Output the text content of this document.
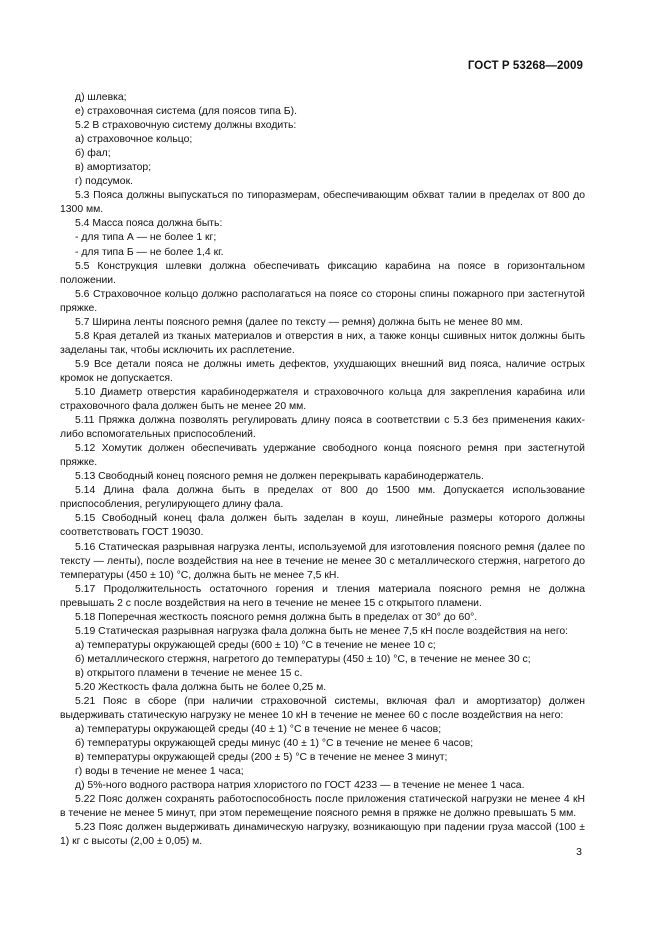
ГОСТ Р 53268—2009

д) шлевка;

е) страховочная система (для поясов типа Б).

5.2 В страховочную систему должны входить:

а) страховочное кольцо;

б) фал;

в) амортизатор;

г) подсумок.

5.3 Пояса должны выпускаться по типоразмерам, обеспечивающим обхват талии в пределах от 800 до 1300 мм.

5.4 Масса пояса должна быть:

- для типа А — не более 1 кг;

- для типа Б — не более 1,4 кг.

5.5 Конструкция шлевки должна обеспечивать фиксацию карабина на поясе в горизонтальном положении.

5.6 Страховочное кольцо должно располагаться на поясе со стороны спины пожарного при застегнутой пряжке.

5.7 Ширина ленты поясного ремня (далее по тексту — ремня) должна быть не менее 80 мм.

5.8 Края деталей из тканых материалов и отверстия в них, а также концы сшивных ниток должны быть заделаны так, чтобы исключить их расплетение.

5.9 Все детали пояса не должны иметь дефектов, ухудшающих внешний вид пояса, наличие острых кромок не допускается.

5.10 Диаметр отверстия карабинодержателя и страховочного кольца для закрепления карабина или страховочного фала должен быть не менее 20 мм.

5.11 Пряжка должна позволять регулировать длину пояса в соответствии с 5.3 без применения каких-либо вспомогательных приспособлений.

5.12 Хомутик должен обеспечивать удержание свободного конца поясного ремня при застегнутой пряжке.

5.13 Свободный конец поясного ремня не должен перекрывать карабинодержатель.

5.14 Длина фала должна быть в пределах от 800 до 1500 мм. Допускается использование приспособления, регулирующего длину фала.

5.15 Свободный конец фала должен быть заделан в коуш, линейные размеры которого должны соответствовать ГОСТ 19030.

5.16 Статическая разрывная нагрузка ленты, используемой для изготовления поясного ремня (далее по тексту — ленты), после воздействия на нее в течение не менее 30 с металлического стержня, нагретого до температуры (450 ± 10) °С, должна быть не менее 7,5 кН.

5.17 Продолжительность остаточного горения и тления материала поясного ремня не должна превышать 2 с после воздействия на него в течение не менее 15 с открытого пламени.

5.18 Поперечная жесткость поясного ремня должна быть в пределах от 30° до 60°.

5.19 Статическая разрывная нагрузка фала должна быть не менее 7,5 кН после воздействия на него:

а) температуры окружающей среды (600 ± 10) °С в течение не менее 10 с;

б) металлического стержня, нагретого до температуры (450 ± 10) °С, в течение не менее 30 с;

в) открытого пламени в течение не менее 15 с.

5.20 Жесткость фала должна быть не более 0,25 м.

5.21 Пояс в сборе (при наличии страховочной системы, включая фал и амортизатор) должен выдерживать статическую нагрузку не менее 10 кН в течение не менее 60 с после воздействия на него:

а) температуры окружающей среды (40 ± 1) °С в течение не менее 6 часов;

б) температуры окружающей среды минус (40 ± 1) °С в течение не менее 6 часов;

в) температуры окружающей среды (200 ± 5) °С в течение не менее 3 минут;

г) воды в течение не менее 1 часа;

д) 5%-ного водного раствора натрия хлористого по ГОСТ 4233 — в течение не менее 1 часа.

5.22 Пояс должен сохранять работоспособность после приложения статической нагрузки не менее 4 кН в течение не менее 5 минут, при этом перемещение поясного ремня в пряжке не должно превышать 5 мм.

5.23 Пояс должен выдерживать динамическую нагрузку, возникающую при падении груза массой (100 ± 1) кг с высоты (2,00 ± 0,05) м.

3
